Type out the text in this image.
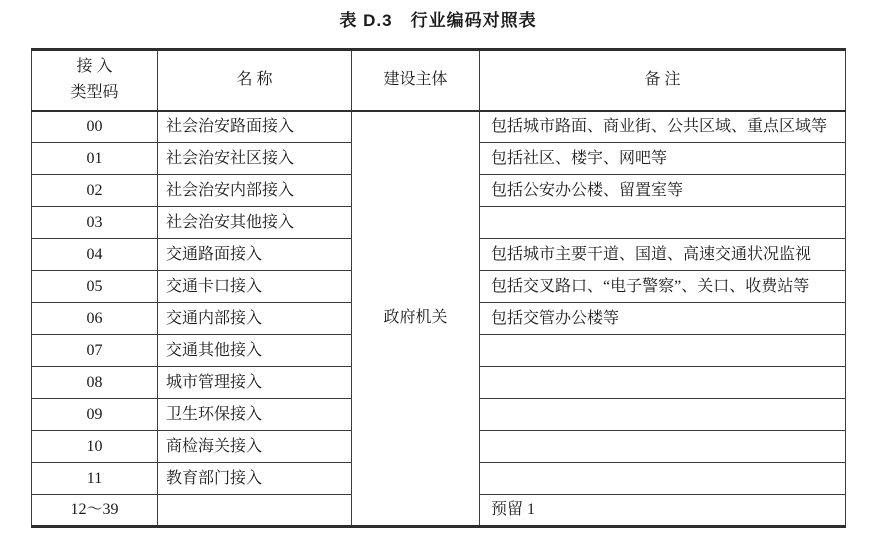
表 D.3　行业编码对照表
接 入
类型码	名 称	建设主体	备 注
00	社会治安路面接入	政府机关	包括城市路面、商业街、公共区域、重点区域等
01	社会治安社区接入		包括社区、楼宇、网吧等
02	社会治安内部接入		包括公安办公楼、留置室等
03	社会治安其他接入		
04	交通路面接入		包括城市主要干道、国道、高速交通状况监视
05	交通卡口接入		包括交叉路口、“电子警察”、关口、收费站等
06	交通内部接入		包括交管办公楼等
07	交通其他接入		
08	城市管理接入		
09	卫生环保接入		
10	商检海关接入		
11	教育部门接入		
12～39			预留 1
